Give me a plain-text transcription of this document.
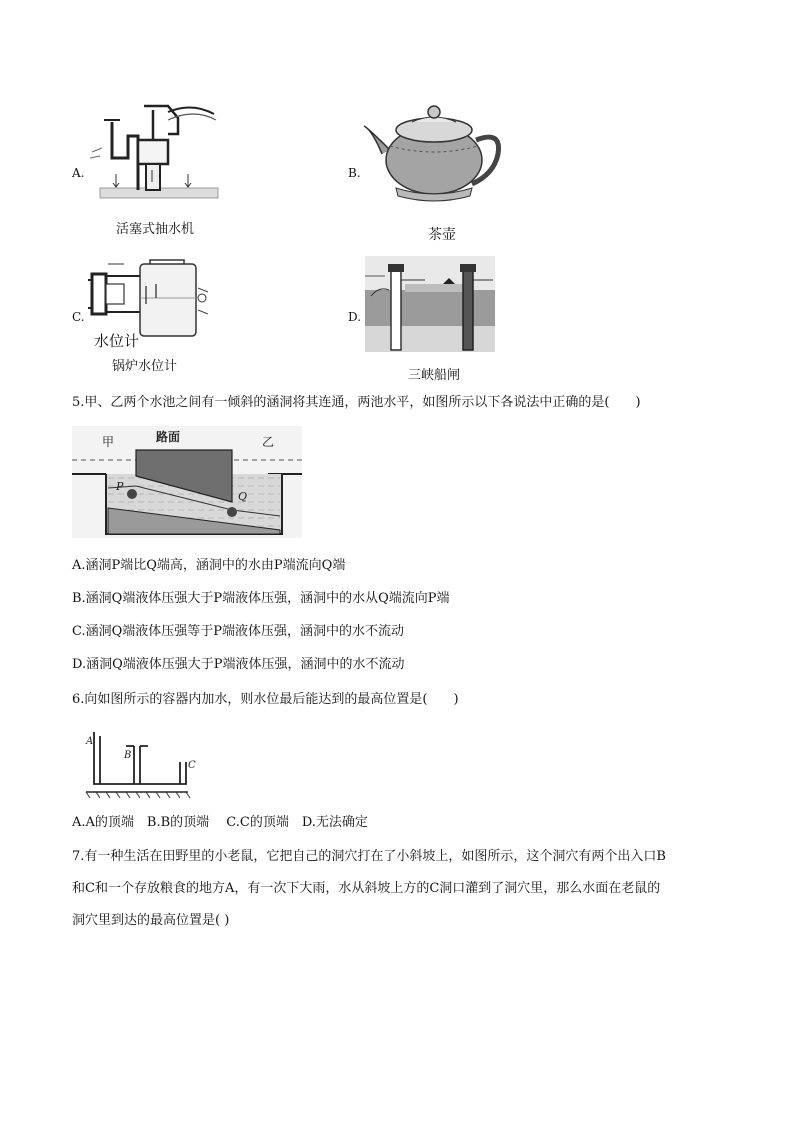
A.
活塞式抽水机
B.
茶壶
C.
水位计
锅炉水位计
D.
三峡船闸
5.甲、乙两个水池之间有一倾斜的涵洞将其连通，两池水平，如图所示以下各说法中正确的是(　　)
甲	路面	乙
P
Q
A.涵洞P端比Q端高，涵洞中的水由P端流向Q端
B.涵洞Q端液体压强大于P端液体压强，涵洞中的水从Q端流向P端
C.涵洞Q端液体压强等于P端液体压强，涵洞中的水不流动
D.涵洞Q端液体压强大于P端液体压强，涵洞中的水不流动
6.向如图所示的容器内加水，则水位最后能达到的最高位置是(　　)
A
B
C
A.A的顶端　B.B的顶端　 C.C的顶端　D.无法确定
7.有一种生活在田野里的小老鼠，它把自己的洞穴打在了小斜坡上，如图所示，这个洞穴有两个出入口B
和C和一个存放粮食的地方A，有一次下大雨，水从斜坡上方的C洞口灌到了洞穴里，那么水面在老鼠的
洞穴里到达的最高位置是( )
